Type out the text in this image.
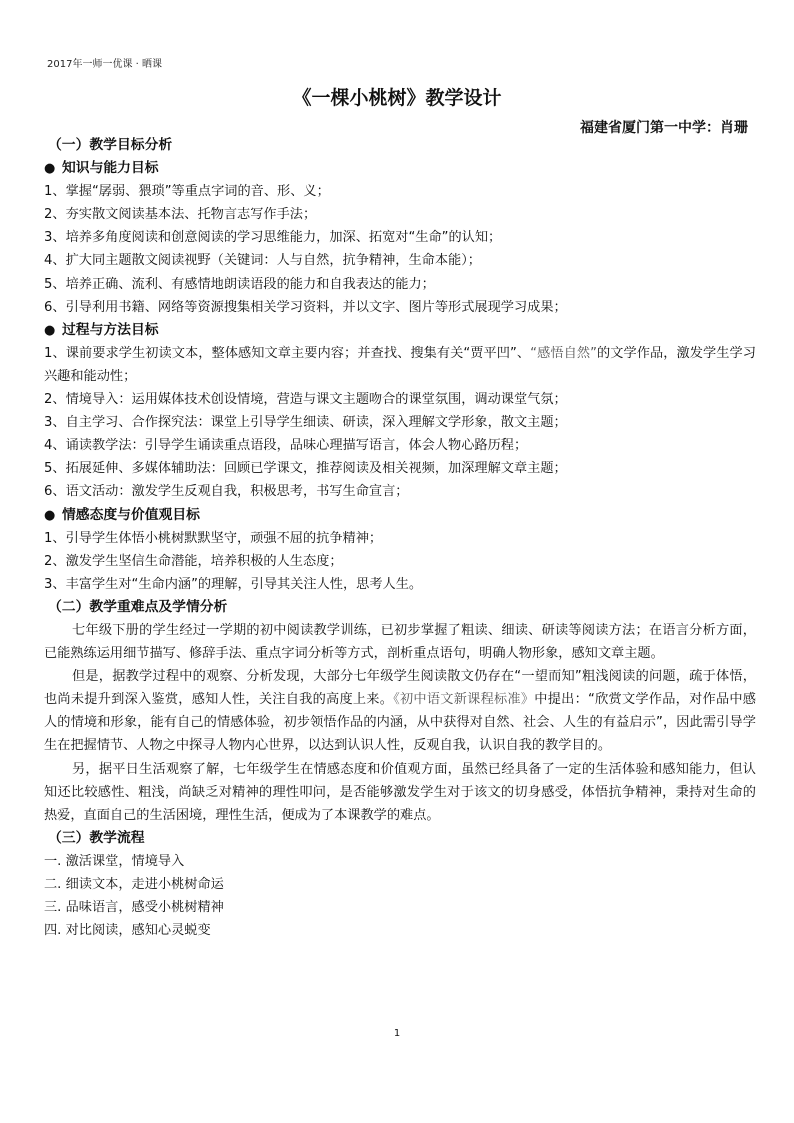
2017年一师一优课 · 晒课
《一棵小桃树》教学设计
福建省厦门第一中学：肖珊
（一）教学目标分析
● 知识与能力目标
1、掌握“孱弱、猥琐”等重点字词的音、形、义；
2、夯实散文阅读基本法、托物言志写作手法；
3、培养多角度阅读和创意阅读的学习思维能力，加深、拓宽对“生命”的认知；
4、扩大同主题散文阅读视野（关键词：人与自然，抗争精神，生命本能）；
5、培养正确、流利、有感情地朗读语段的能力和自我表达的能力；
6、引导利用书籍、网络等资源搜集相关学习资料，并以文字、图片等形式展现学习成果；
● 过程与方法目标
1、课前要求学生初读文本，整体感知文章主要内容；并查找、搜集有关“贾平凹”、“感悟自然”的文学作品，激发学生学习兴趣和能动性；
2、情境导入：运用媒体技术创设情境，营造与课文主题吻合的课堂氛围，调动课堂气氛；
3、自主学习、合作探究法：课堂上引导学生细读、研读，深入理解文学形象，散文主题；
4、诵读教学法：引导学生诵读重点语段，品味心理描写语言，体会人物心路历程；
5、拓展延伸、多媒体辅助法：回顾已学课文，推荐阅读及相关视频，加深理解文章主题；
6、语文活动：激发学生反观自我，积极思考，书写生命宣言；
● 情感态度与价值观目标
1、引导学生体悟小桃树默默坚守，顽强不屈的抗争精神；
2、激发学生坚信生命潜能，培养积极的人生态度；
3、丰富学生对“生命内涵”的理解，引导其关注人性，思考人生。
（二）教学重难点及学情分析
七年级下册的学生经过一学期的初中阅读教学训练，已初步掌握了粗读、细读、研读等阅读方法；在语言分析方面，已能熟练运用细节描写、修辞手法、重点字词分析等方式，剖析重点语句，明确人物形象，感知文章主题。
但是，据教学过程中的观察、分析发现，大部分七年级学生阅读散文仍存在“一望而知”粗浅阅读的问题，疏于体悟，也尚未提升到深入鉴赏，感知人性，关注自我的高度上来。《初中语文新课程标准》中提出：“欣赏文学作品，对作品中感人的情境和形象，能有自己的情感体验，初步领悟作品的内涵，从中获得对自然、社会、人生的有益启示”，因此需引导学生在把握情节、人物之中探寻人物内心世界，以达到认识人性，反观自我，认识自我的教学目的。
另，据平日生活观察了解，七年级学生在情感态度和价值观方面，虽然已经具备了一定的生活体验和感知能力，但认知还比较感性、粗浅，尚缺乏对精神的理性叩问，是否能够激发学生对于该文的切身感受，体悟抗争精神，秉持对生命的热爱，直面自己的生活困境，理性生活，便成为了本课教学的难点。
（三）教学流程
一. 激活课堂，情境导入
二. 细读文本，走进小桃树命运
三. 品味语言，感受小桃树精神
四. 对比阅读，感知心灵蜕变
1
